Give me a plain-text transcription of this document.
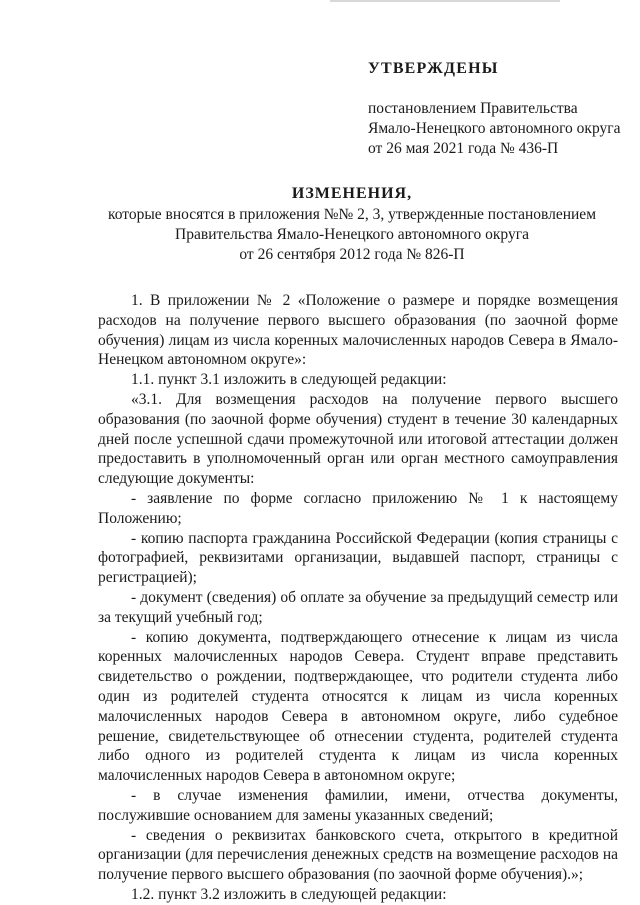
УТВЕРЖДЕНЫ
постановлением Правительства
Ямало-Ненецкого автономного округа
от 26 мая 2021 года № 436-П
ИЗМЕНЕНИЯ,
которые вносятся в приложения №№ 2, 3, утвержденные постановлением
Правительства Ямало-Ненецкого автономного округа
от 26 сентября 2012 года № 826-П

1. В приложении № 2 «Положение о размере и порядке возмещения расходов на получение первого высшего образования (по заочной форме обучения) лицам из числа коренных малочисленных народов Севера в Ямало-Ненецком автономном округе»:

1.1. пункт 3.1 изложить в следующей редакции:

«3.1. Для возмещения расходов на получение первого высшего образования (по заочной форме обучения) студент в течение 30 календарных дней после успешной сдачи промежуточной или итоговой аттестации должен предоставить в уполномоченный орган или орган местного самоуправления следующие документы:

- заявление по форме согласно приложению № 1 к настоящему Положению;

- копию паспорта гражданина Российской Федерации (копия страницы с фотографией, реквизитами организации, выдавшей паспорт, страницы с регистрацией);

- документ (сведения) об оплате за обучение за предыдущий семестр или за текущий учебный год;

- копию документа, подтверждающего отнесение к лицам из числа коренных малочисленных народов Севера. Студент вправе представить свидетельство о рождении, подтверждающее, что родители студента либо один из родителей студента относятся к лицам из числа коренных малочисленных народов Севера в автономном округе, либо судебное решение, свидетельствующее об отнесении студента, родителей студента либо одного из родителей студента к лицам из числа коренных малочисленных народов Севера в автономном округе;

- в случае изменения фамилии, имени, отчества документы, послужившие основанием для замены указанных сведений;

- сведения о реквизитах банковского счета, открытого в кредитной организации (для перечисления денежных средств на возмещение расходов на получение первого высшего образования (по заочной форме обучения).»;

1.2. пункт 3.2 изложить в следующей редакции:
